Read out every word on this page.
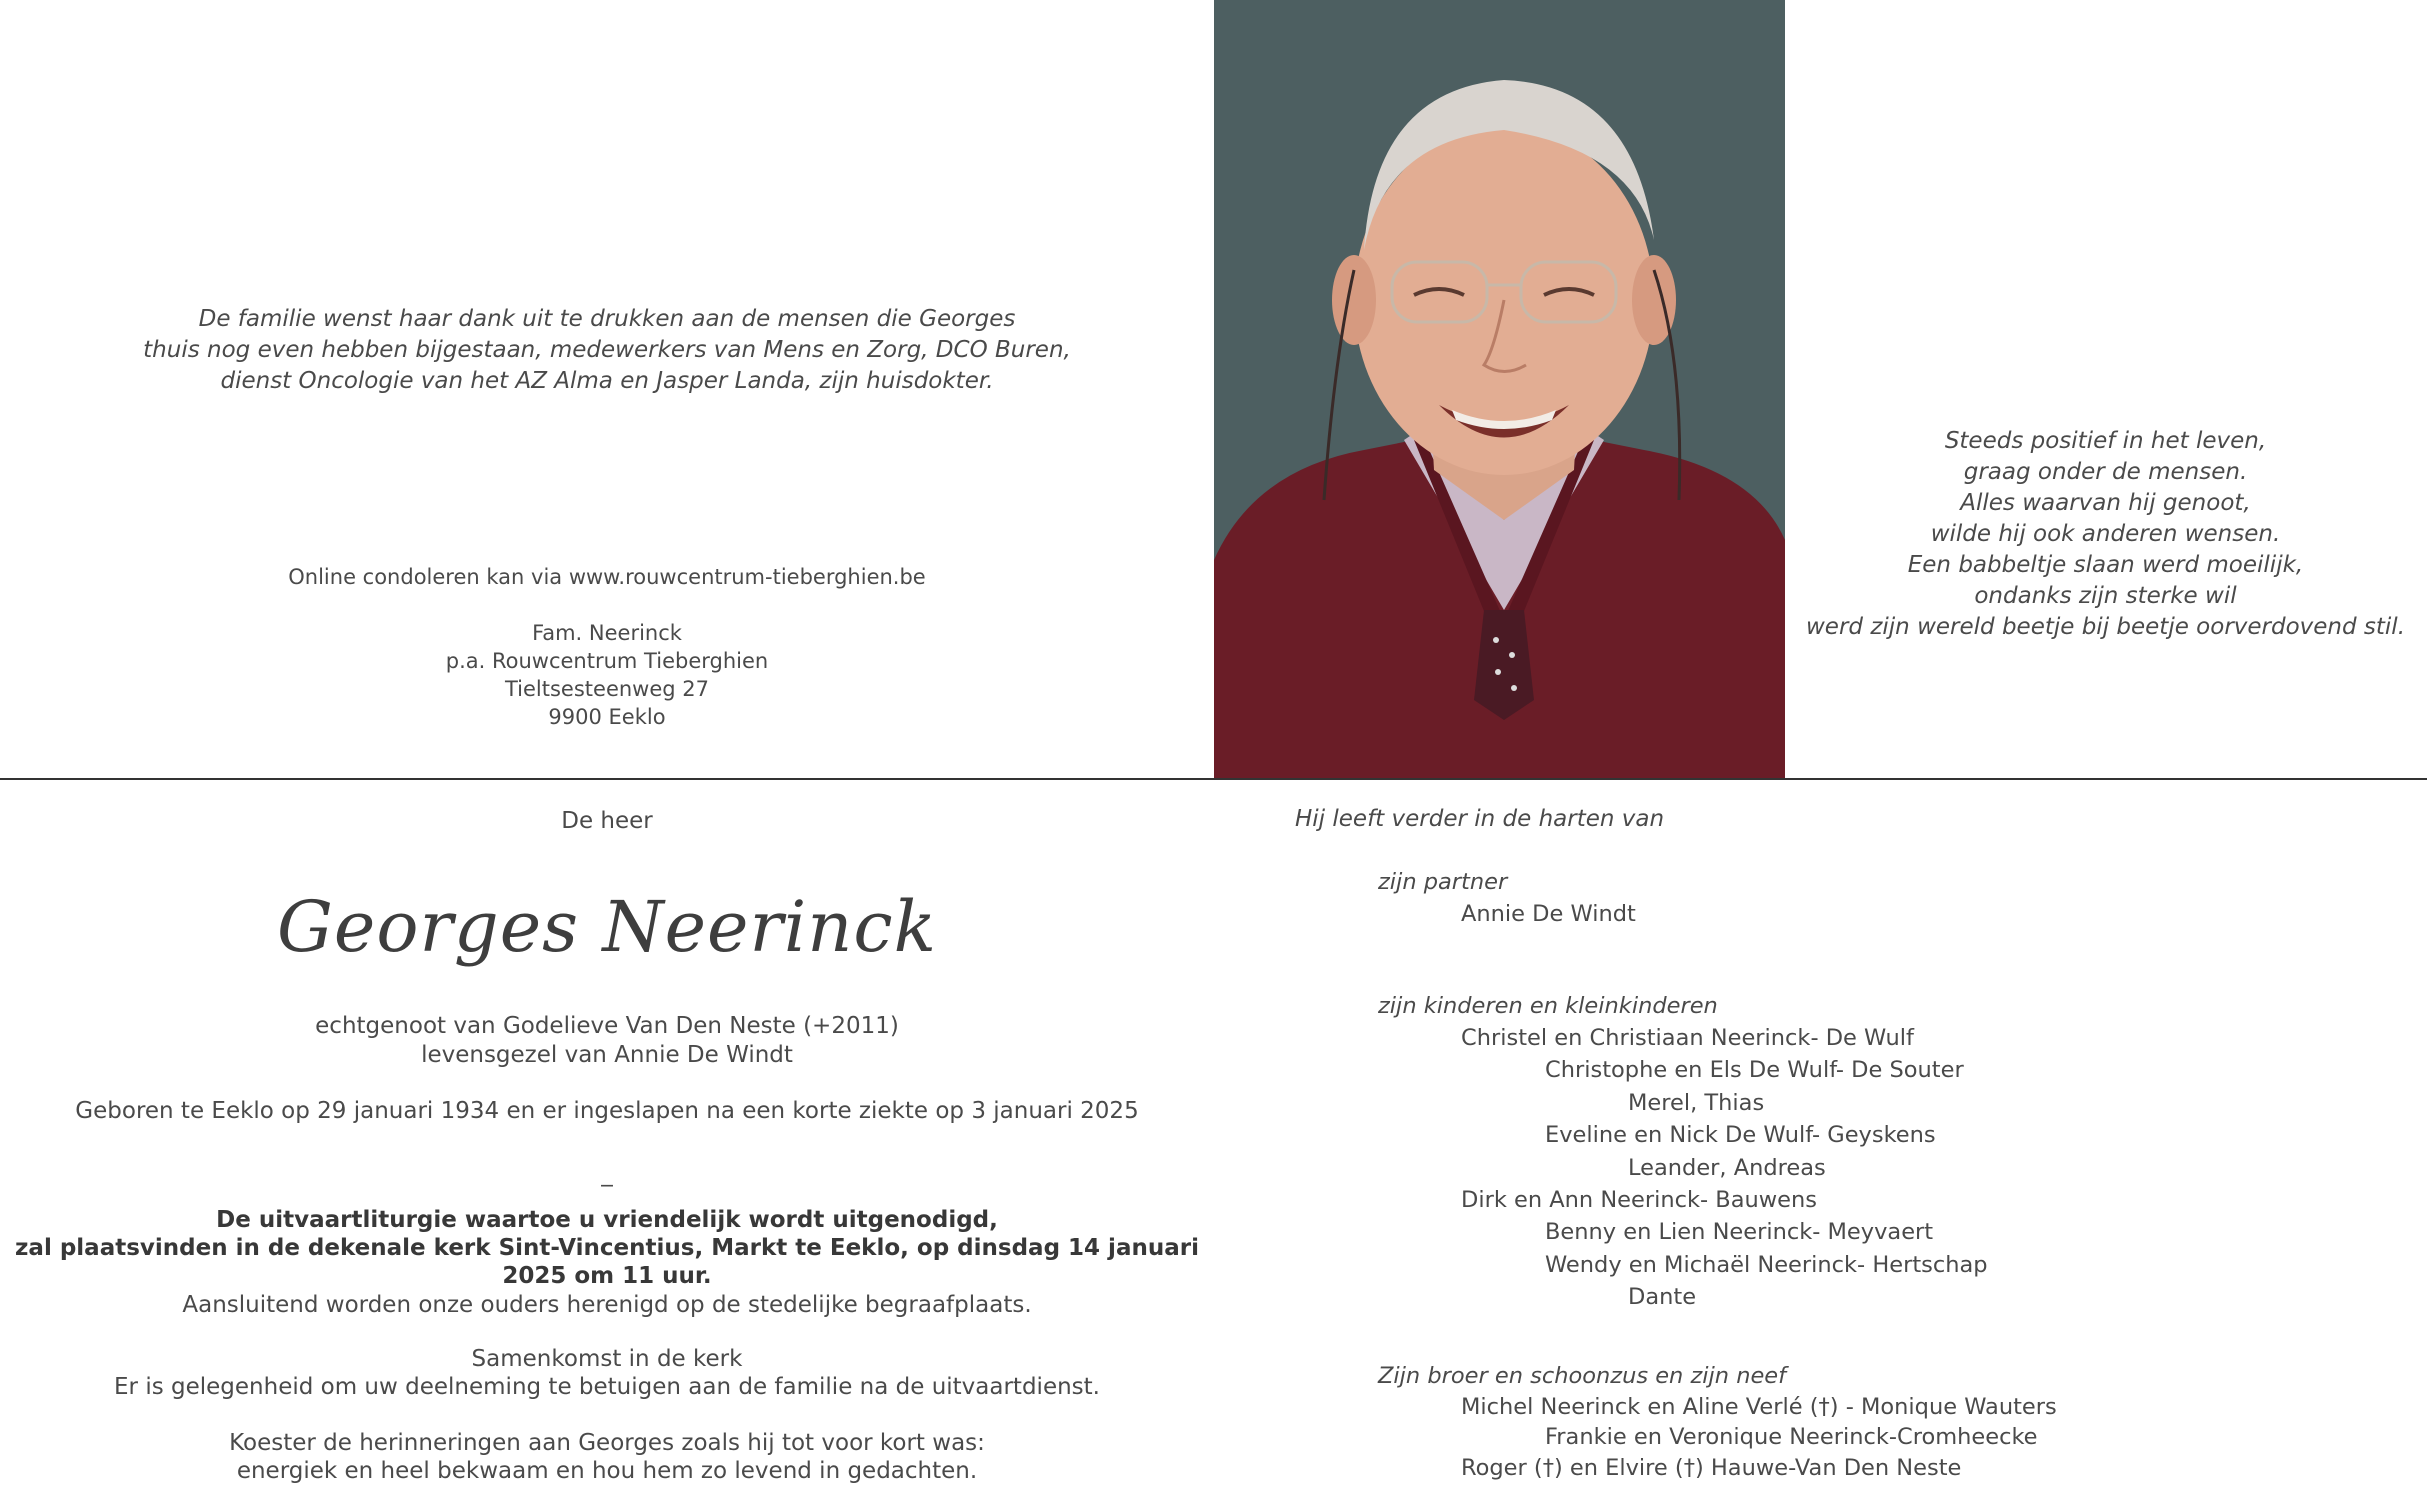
De familie wenst haar dank uit te drukken aan de mensen die Georges
thuis nog even hebben bijgestaan, medewerkers van Mens en Zorg, DCO Buren,
dienst Oncologie van het AZ Alma en Jasper Landa, zijn huisdokter.
Online condoleren kan via www.rouwcentrum-tieberghien.be
Fam. Neerinck
p.a. Rouwcentrum Tieberghien
Tieltsesteenweg 27
9900 Eeklo
Steeds positief in het leven,
graag onder de mensen.
Alles waarvan hij genoot,
wilde hij ook anderen wensen.
Een babbeltje slaan werd moeilijk,
ondanks zijn sterke wil
werd zijn wereld beetje bij beetje oorverdovend stil.
De heer
Georges Neerinck
echtgenoot van Godelieve Van Den Neste (+2011)
levensgezel van Annie De Windt
Geboren te Eeklo op 29 januari 1934 en er ingeslapen na een korte ziekte op 3 januari 2025
_
De uitvaartliturgie waartoe u vriendelijk wordt uitgenodigd,
zal plaatsvinden in de dekenale kerk Sint-Vincentius, Markt te Eeklo, op dinsdag 14 januari 2025 om 11 uur.
Aansluitend worden onze ouders herenigd op de stedelijke begraafplaats.
Samenkomst in de kerk
Er is gelegenheid om uw deelneming te betuigen aan de familie na de uitvaartdienst.
Koester de herinneringen aan Georges zoals hij tot voor kort was:
energiek en heel bekwaam en hou hem zo levend in gedachten.
Hij leeft verder in de harten van
zijn partner
Annie De Windt
zijn kinderen en kleinkinderen
Christel en Christiaan Neerinck- De Wulf
Christophe en Els De Wulf- De Souter
Merel, Thias
Eveline en Nick De Wulf- Geyskens
Leander, Andreas
Dirk en Ann Neerinck- Bauwens
Benny en Lien Neerinck- Meyvaert
Wendy en Michaël Neerinck- Hertschap
Dante
Zijn broer en schoonzus en zijn neef
Michel Neerinck en Aline Verlé (†) - Monique Wauters
Frankie en Veronique Neerinck-Cromheecke
Roger (†) en Elvire (†) Hauwe-Van Den Neste
